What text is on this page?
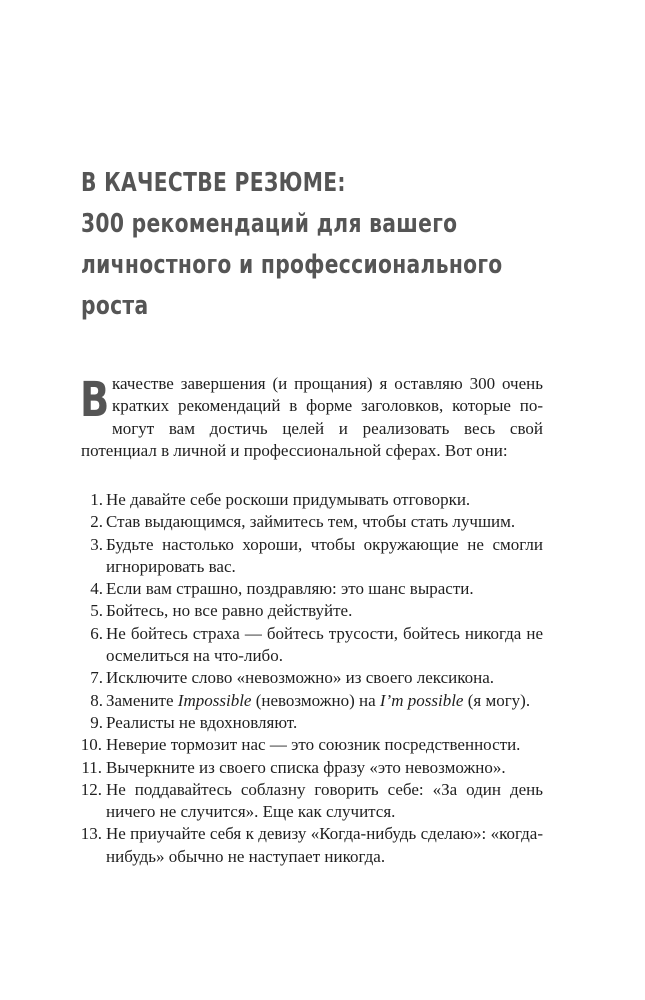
В КАЧЕСТВЕ РЕЗЮМЕ:
300 рекомендаций для вашего
личностного и профессионального
роста

Вкачестве завершения (и прощания) я оставляю 300 очень кратких рекомендаций в форме заголовков, которые помогут вам достичь целей и реализовать весь свой потенциал в личной и профессиональной сферах. Вот они:

1. Не давайте себе роскоши придумывать отговорки.
2. Став выдающимся, займитесь тем, чтобы стать лучшим.
3. Будьте настолько хороши, чтобы окружающие не смогли игнорировать вас.
4. Если вам страшно, поздравляю: это шанс вырасти.
5. Бойтесь, но все равно действуйте.
6. Не бойтесь страха — бойтесь трусости, бойтесь никогда не осмелиться на что-либо.
7. Исключите слово «невозможно» из своего лексикона.
8. Замените Impossible (невозможно) на I’m possible (я могу).
9. Реалисты не вдохновляют.
10. Неверие тормозит нас — это союзник посредственности.
11. Вычеркните из своего списка фразу «это невозможно».
12. Не поддавайтесь соблазну говорить себе: «За один день ничего не случится». Еще как случится.
13. Не приучайте себя к девизу «Когда-нибудь сделаю»: «когда-нибудь» обычно не наступает никогда.
